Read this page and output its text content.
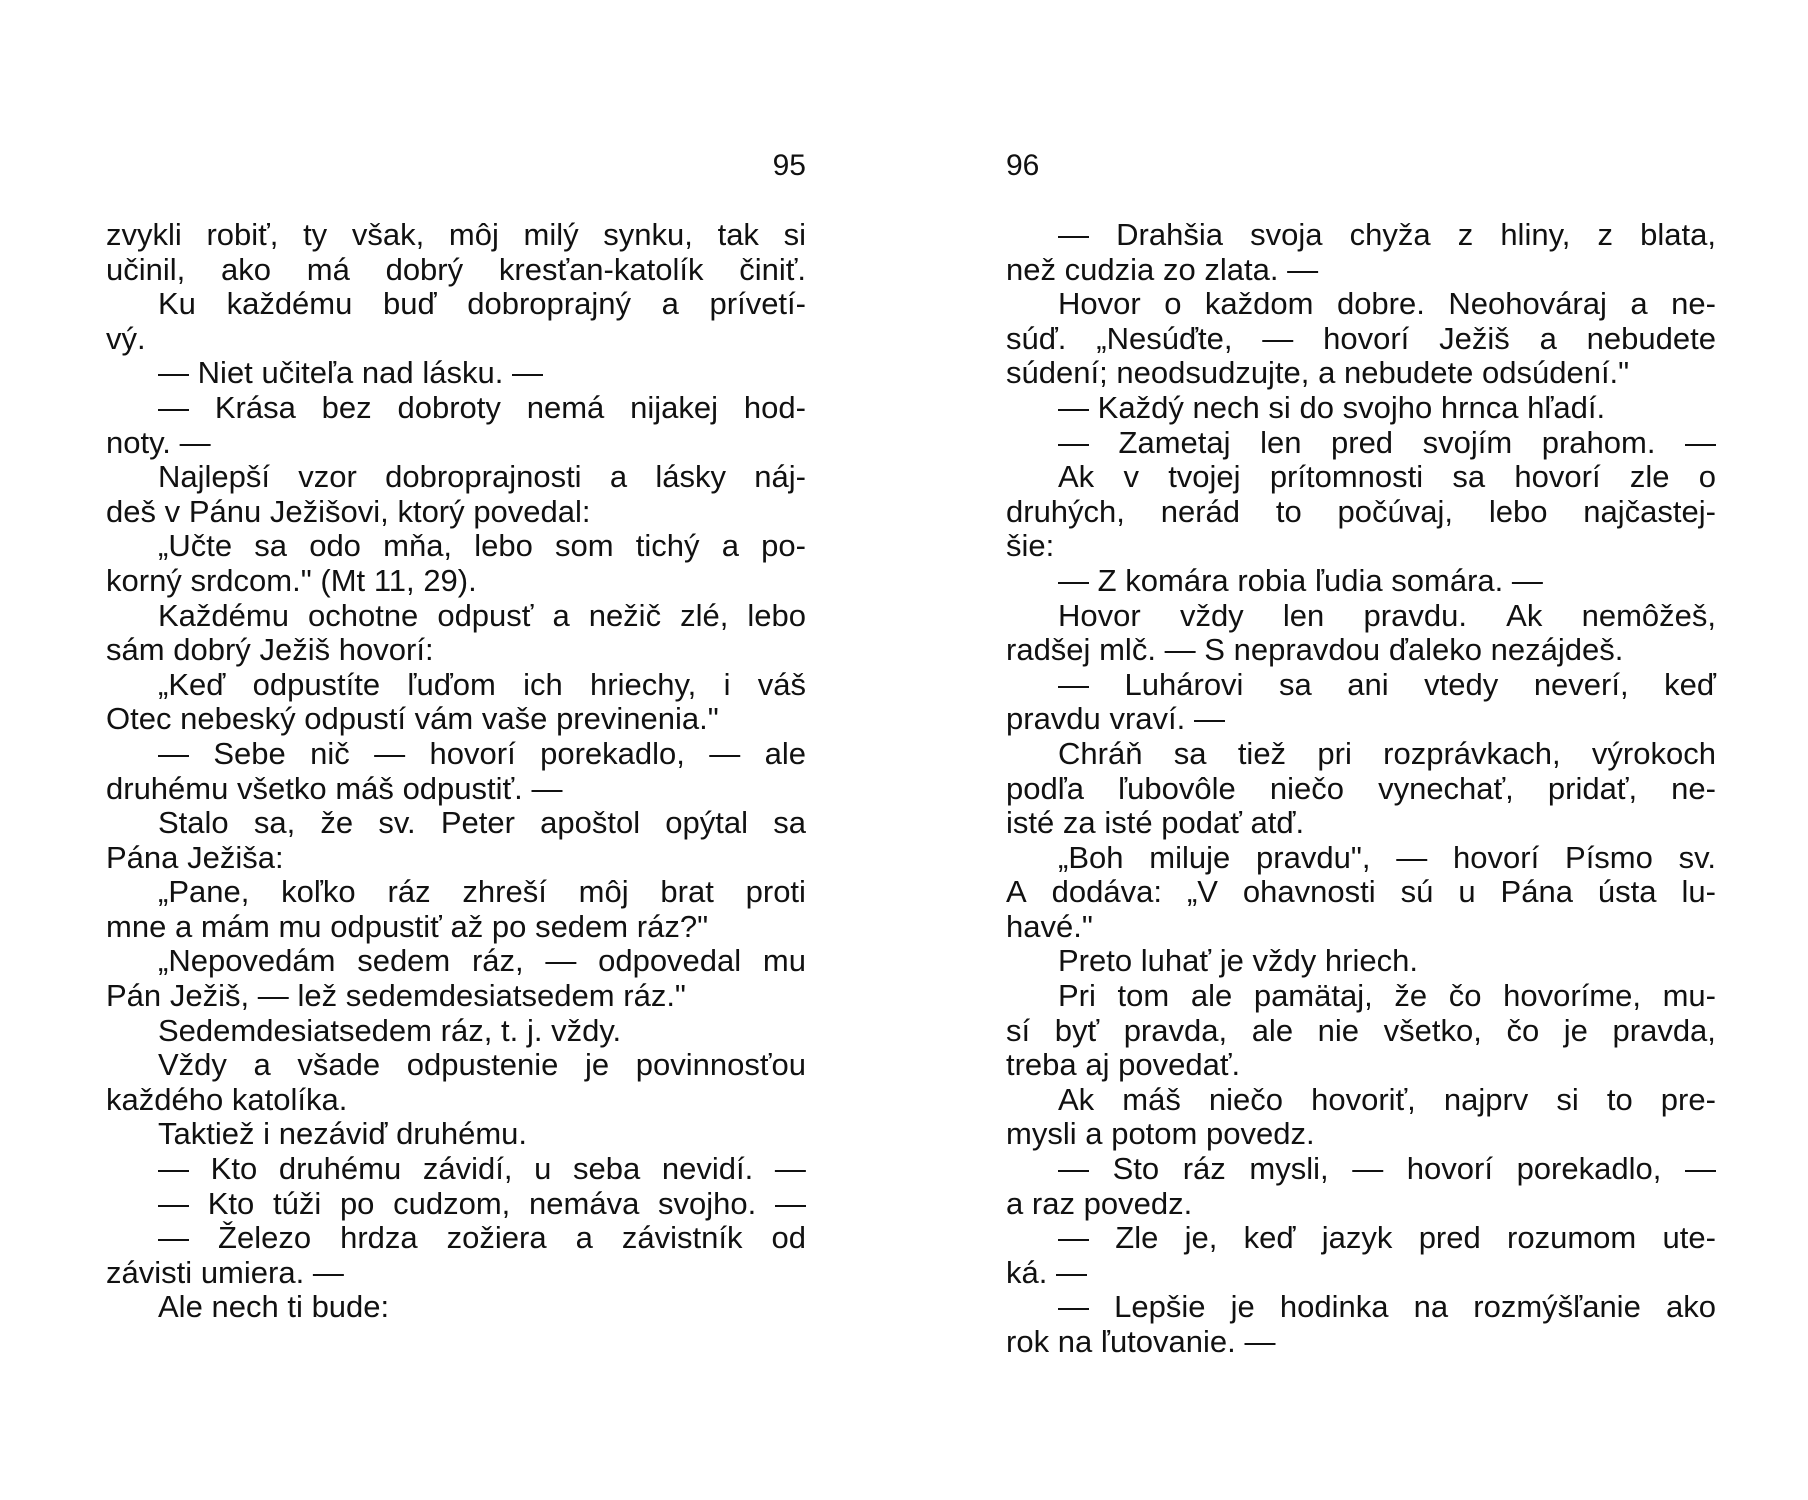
95
zvykli robiť, ty však, môj milý synku, tak si
učinil, ako má dobrý kresťan-katolík činiť.
Ku každému buď dobroprajný a prívetí-
vý.
— Niet učiteľa nad lásku. —
— Krása bez dobroty nemá nijakej hod-
noty. —
Najlepší vzor dobroprajnosti a lásky náj-
deš v Pánu Ježišovi, ktorý povedal:
„Učte sa odo mňa, lebo som tichý a po-
korný srdcom." (Mt 11, 29).
Každému ochotne odpusť a nežič zlé, lebo
sám dobrý Ježiš hovorí:
„Keď odpustíte ľuďom ich hriechy, i váš
Otec nebeský odpustí vám vaše previnenia."
— Sebe nič — hovorí porekadlo, — ale
druhému všetko máš odpustiť. —
Stalo sa, že sv. Peter apoštol opýtal sa
Pána Ježiša:
„Pane, koľko ráz zhreší môj brat proti
mne a mám mu odpustiť až po sedem ráz?"
„Nepovedám sedem ráz, — odpovedal mu
Pán Ježiš, — lež sedemdesiatsedem ráz."
Sedemdesiatsedem ráz, t. j. vždy.
Vždy a všade odpustenie je povinnosťou
každého katolíka.
Taktiež i nezáviď druhému.
— Kto druhému závidí, u seba nevidí. —
— Kto túži po cudzom, nemáva svojho. —
— Železo hrdza zožiera a závistník od
závisti umiera. —
Ale nech ti bude:
96
— Drahšia svoja chyža z hliny, z blata,
než cudzia zo zlata. —
Hovor o každom dobre. Neohováraj a ne-
súď. „Nesúďte, — hovorí Ježiš a nebudete
súdení; neodsudzujte, a nebudete odsúdení."
— Každý nech si do svojho hrnca hľadí.
— Zametaj len pred svojím prahom. —
Ak v tvojej prítomnosti sa hovorí zle o
druhých, nerád to počúvaj, lebo najčastej-
šie:
— Z komára robia ľudia somára. —
Hovor vždy len pravdu. Ak nemôžeš,
radšej mlč. — S nepravdou ďaleko nezájdeš.
— Luhárovi sa ani vtedy neverí, keď
pravdu vraví. —
Chráň sa tiež pri rozprávkach, výrokoch
podľa ľubovôle niečo vynechať, pridať, ne-
isté za isté podať atď.
„Boh miluje pravdu", — hovorí Písmo sv.
A dodáva: „V ohavnosti sú u Pána ústa lu-
havé."
Preto luhať je vždy hriech.
Pri tom ale pamätaj, že čo hovoríme, mu-
sí byť pravda, ale nie všetko, čo je pravda,
treba aj povedať.
Ak máš niečo hovoriť, najprv si to pre-
mysli a potom povedz.
— Sto ráz mysli, — hovorí porekadlo, —
a raz povedz.
— Zle je, keď jazyk pred rozumom ute-
ká. —
— Lepšie je hodinka na rozmýšľanie ako
rok na ľutovanie. —
